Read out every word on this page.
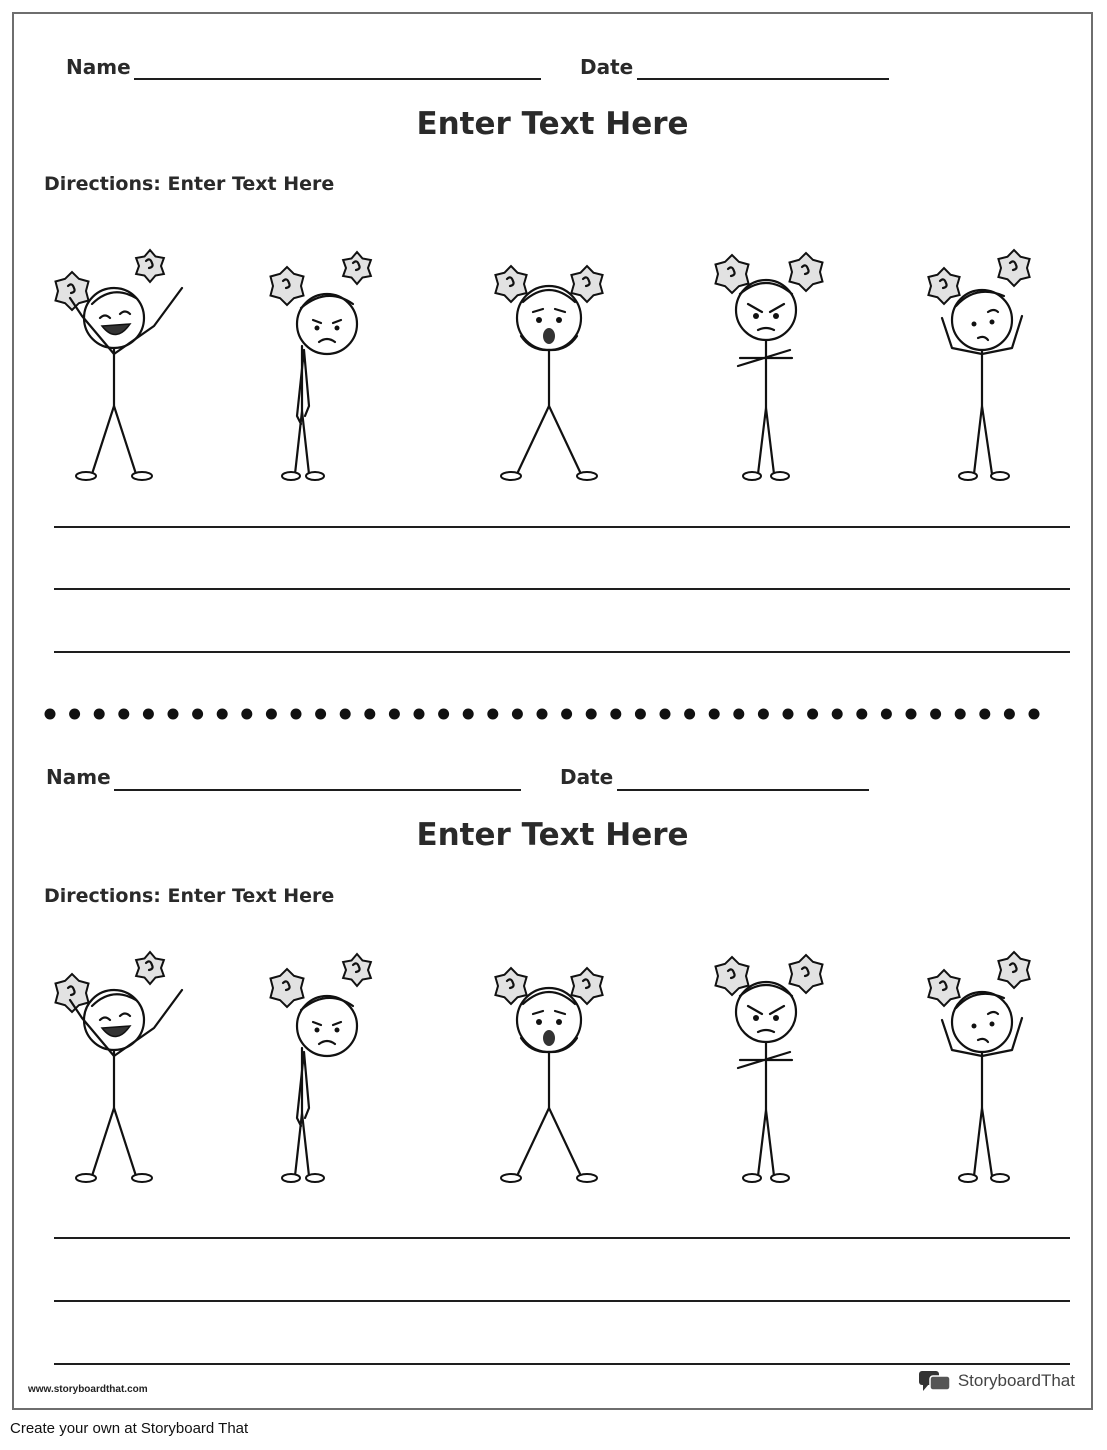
Name	Date
Enter Text Here
Directions: Enter Text Here
Name	Date
Enter Text Here
Directions: Enter Text Here
www.storyboardthat.com	StoryboardThat
Create your own at Storyboard That
